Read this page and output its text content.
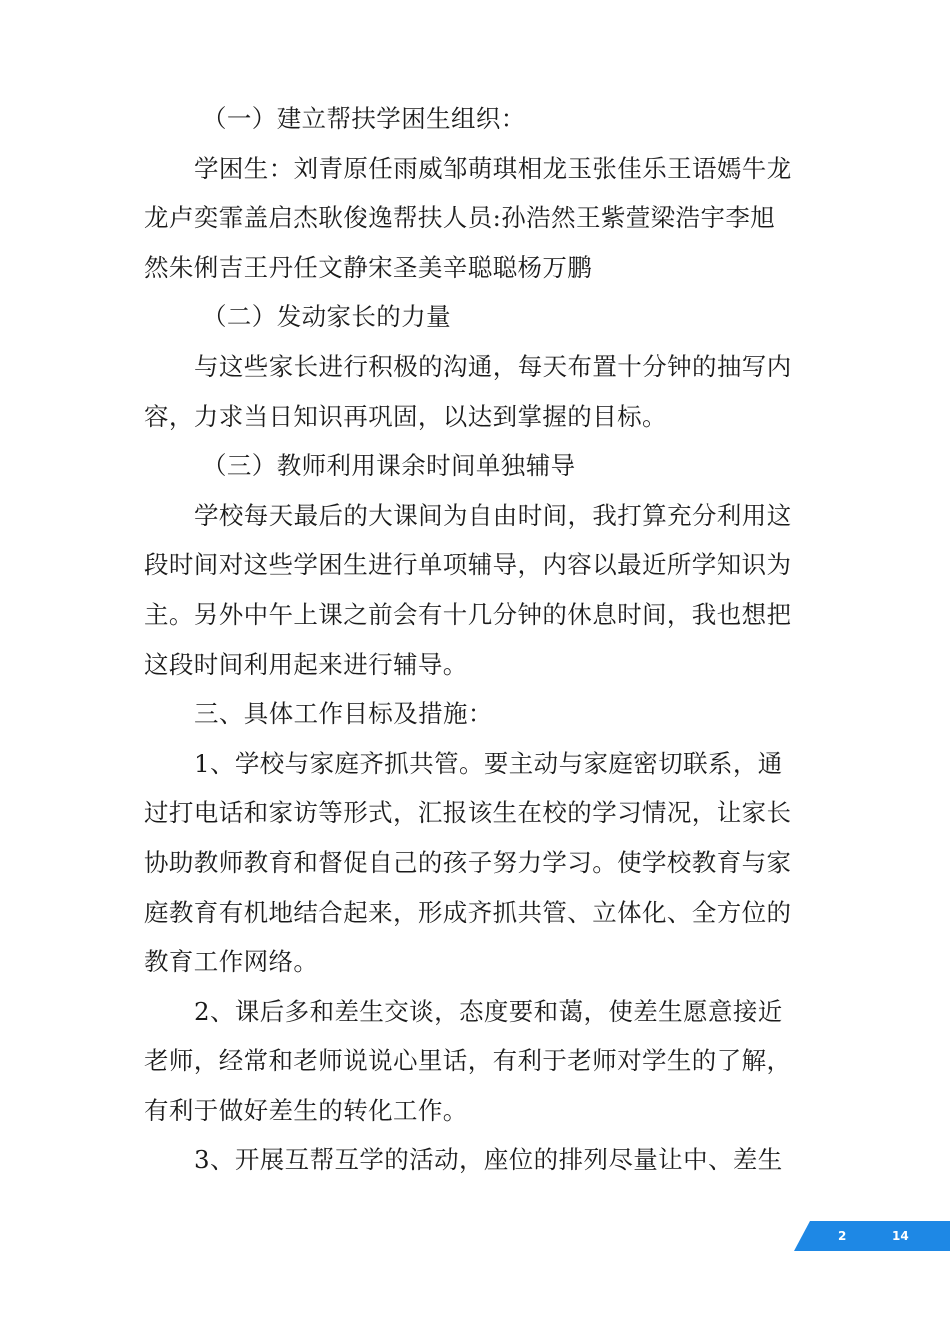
（一）建立帮扶学困生组织：
学困生：刘青原任雨威邹萌琪相龙玉张佳乐王语嫣牛龙
龙卢奕霏盖启杰耿俊逸帮扶人员:孙浩然王紫萱梁浩宇李旭
然朱俐吉王丹任文静宋圣美辛聪聪杨万鹏
（二）发动家长的力量
与这些家长进行积极的沟通，每天布置十分钟的抽写内
容，力求当日知识再巩固，以达到掌握的目标。
（三）教师利用课余时间单独辅导
学校每天最后的大课间为自由时间，我打算充分利用这
段时间对这些学困生进行单项辅导，内容以最近所学知识为
主。另外中午上课之前会有十几分钟的休息时间，我也想把
这段时间利用起来进行辅导。
三、具体工作目标及措施：
1、学校与家庭齐抓共管。要主动与家庭密切联系，通
过打电话和家访等形式，汇报该生在校的学习情况，让家长
协助教师教育和督促自己的孩子努力学习。使学校教育与家
庭教育有机地结合起来，形成齐抓共管、立体化、全方位的
教育工作网络。
2、课后多和差生交谈，态度要和蔼，使差生愿意接近
老师，经常和老师说说心里话，有利于老师对学生的了解，
有利于做好差生的转化工作。
3、开展互帮互学的活动，座位的排列尽量让中、差生
2	14
